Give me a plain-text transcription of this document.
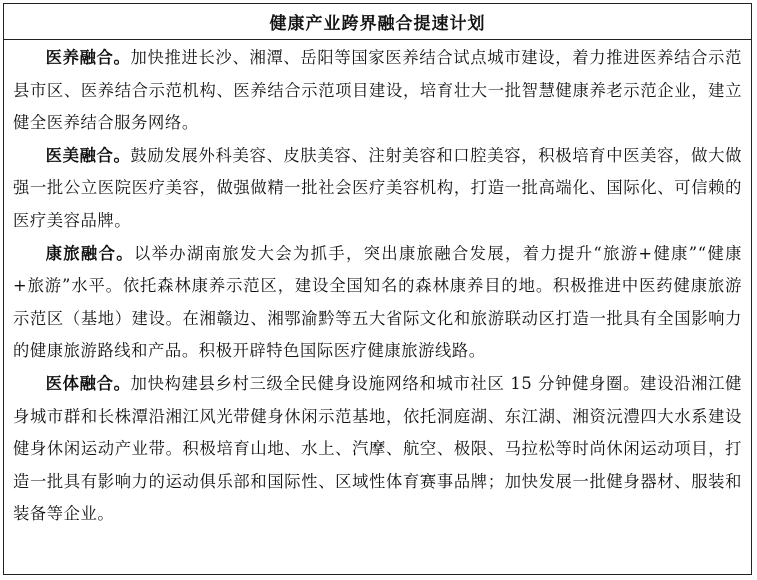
健康产业跨界融合提速计划

医养融合。加快推进长沙、湘潭、岳阳等国家医养结合试点城市建设，着力推进医养结合示范县市区、医养结合示范机构、医养结合示范项目建设，培育壮大一批智慧健康养老示范企业，建立健全医养结合服务网络。

医美融合。鼓励发展外科美容、皮肤美容、注射美容和口腔美容，积极培育中医美容，做大做强一批公立医院医疗美容，做强做精一批社会医疗美容机构，打造一批高端化、国际化、可信赖的医疗美容品牌。

康旅融合。以举办湖南旅发大会为抓手，突出康旅融合发展，着力提升“旅游+健康”“健康+旅游”水平。依托森林康养示范区，建设全国知名的森林康养目的地。积极推进中医药健康旅游示范区（基地）建设。在湘赣边、湘鄂渝黔等五大省际文化和旅游联动区打造一批具有全国影响力的健康旅游路线和产品。积极开辟特色国际医疗健康旅游线路。

医体融合。加快构建县乡村三级全民健身设施网络和城市社区 15 分钟健身圈。建设沿湘江健身城市群和长株潭沿湘江风光带健身休闲示范基地，依托洞庭湖、东江湖、湘资沅澧四大水系建设健身休闲运动产业带。积极培育山地、水上、汽摩、航空、极限、马拉松等时尚休闲运动项目，打造一批具有影响力的运动俱乐部和国际性、区域性体育赛事品牌；加快发展一批健身器材、服装和装备等企业。
